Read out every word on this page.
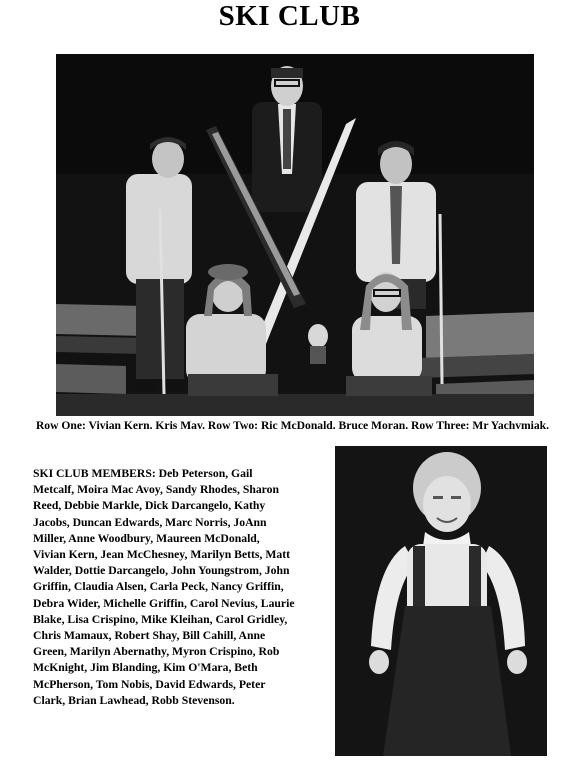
SKI CLUB
Row One: Vivian Kern. Kris Mav. Row Two: Ric McDonald. Bruce Moran. Row Three: Mr Yachvmiak.
SKI CLUB MEMBERS: Deb Peterson, Gail Metcalf, Moira Mac Avoy, Sandy Rhodes, Sharon Reed, Debbie Markle, Dick Darcangelo, Kathy Jacobs, Duncan Edwards, Marc Norris, JoAnn Miller, Anne Woodbury, Maureen McDonald, Vivian Kern, Jean McChesney, Marilyn Betts, Matt Walder, Dottie Darcangelo, John Youngstrom, John Griffin, Claudia Alsen, Carla Peck, Nancy Griffin, Debra Wider, Michelle Griffin, Carol Nevius, Laurie Blake, Lisa Crispino, Mike Kleihan, Carol Gridley, Chris Mamaux, Robert Shay, Bill Cahill, Anne Green, Marilyn Abernathy, Myron Crispino, Rob McKnight, Jim Blanding, Kim O'Mara, Beth McPherson, Tom Nobis, David Edwards, Peter Clark, Brian Lawhead, Robb Stevenson.
